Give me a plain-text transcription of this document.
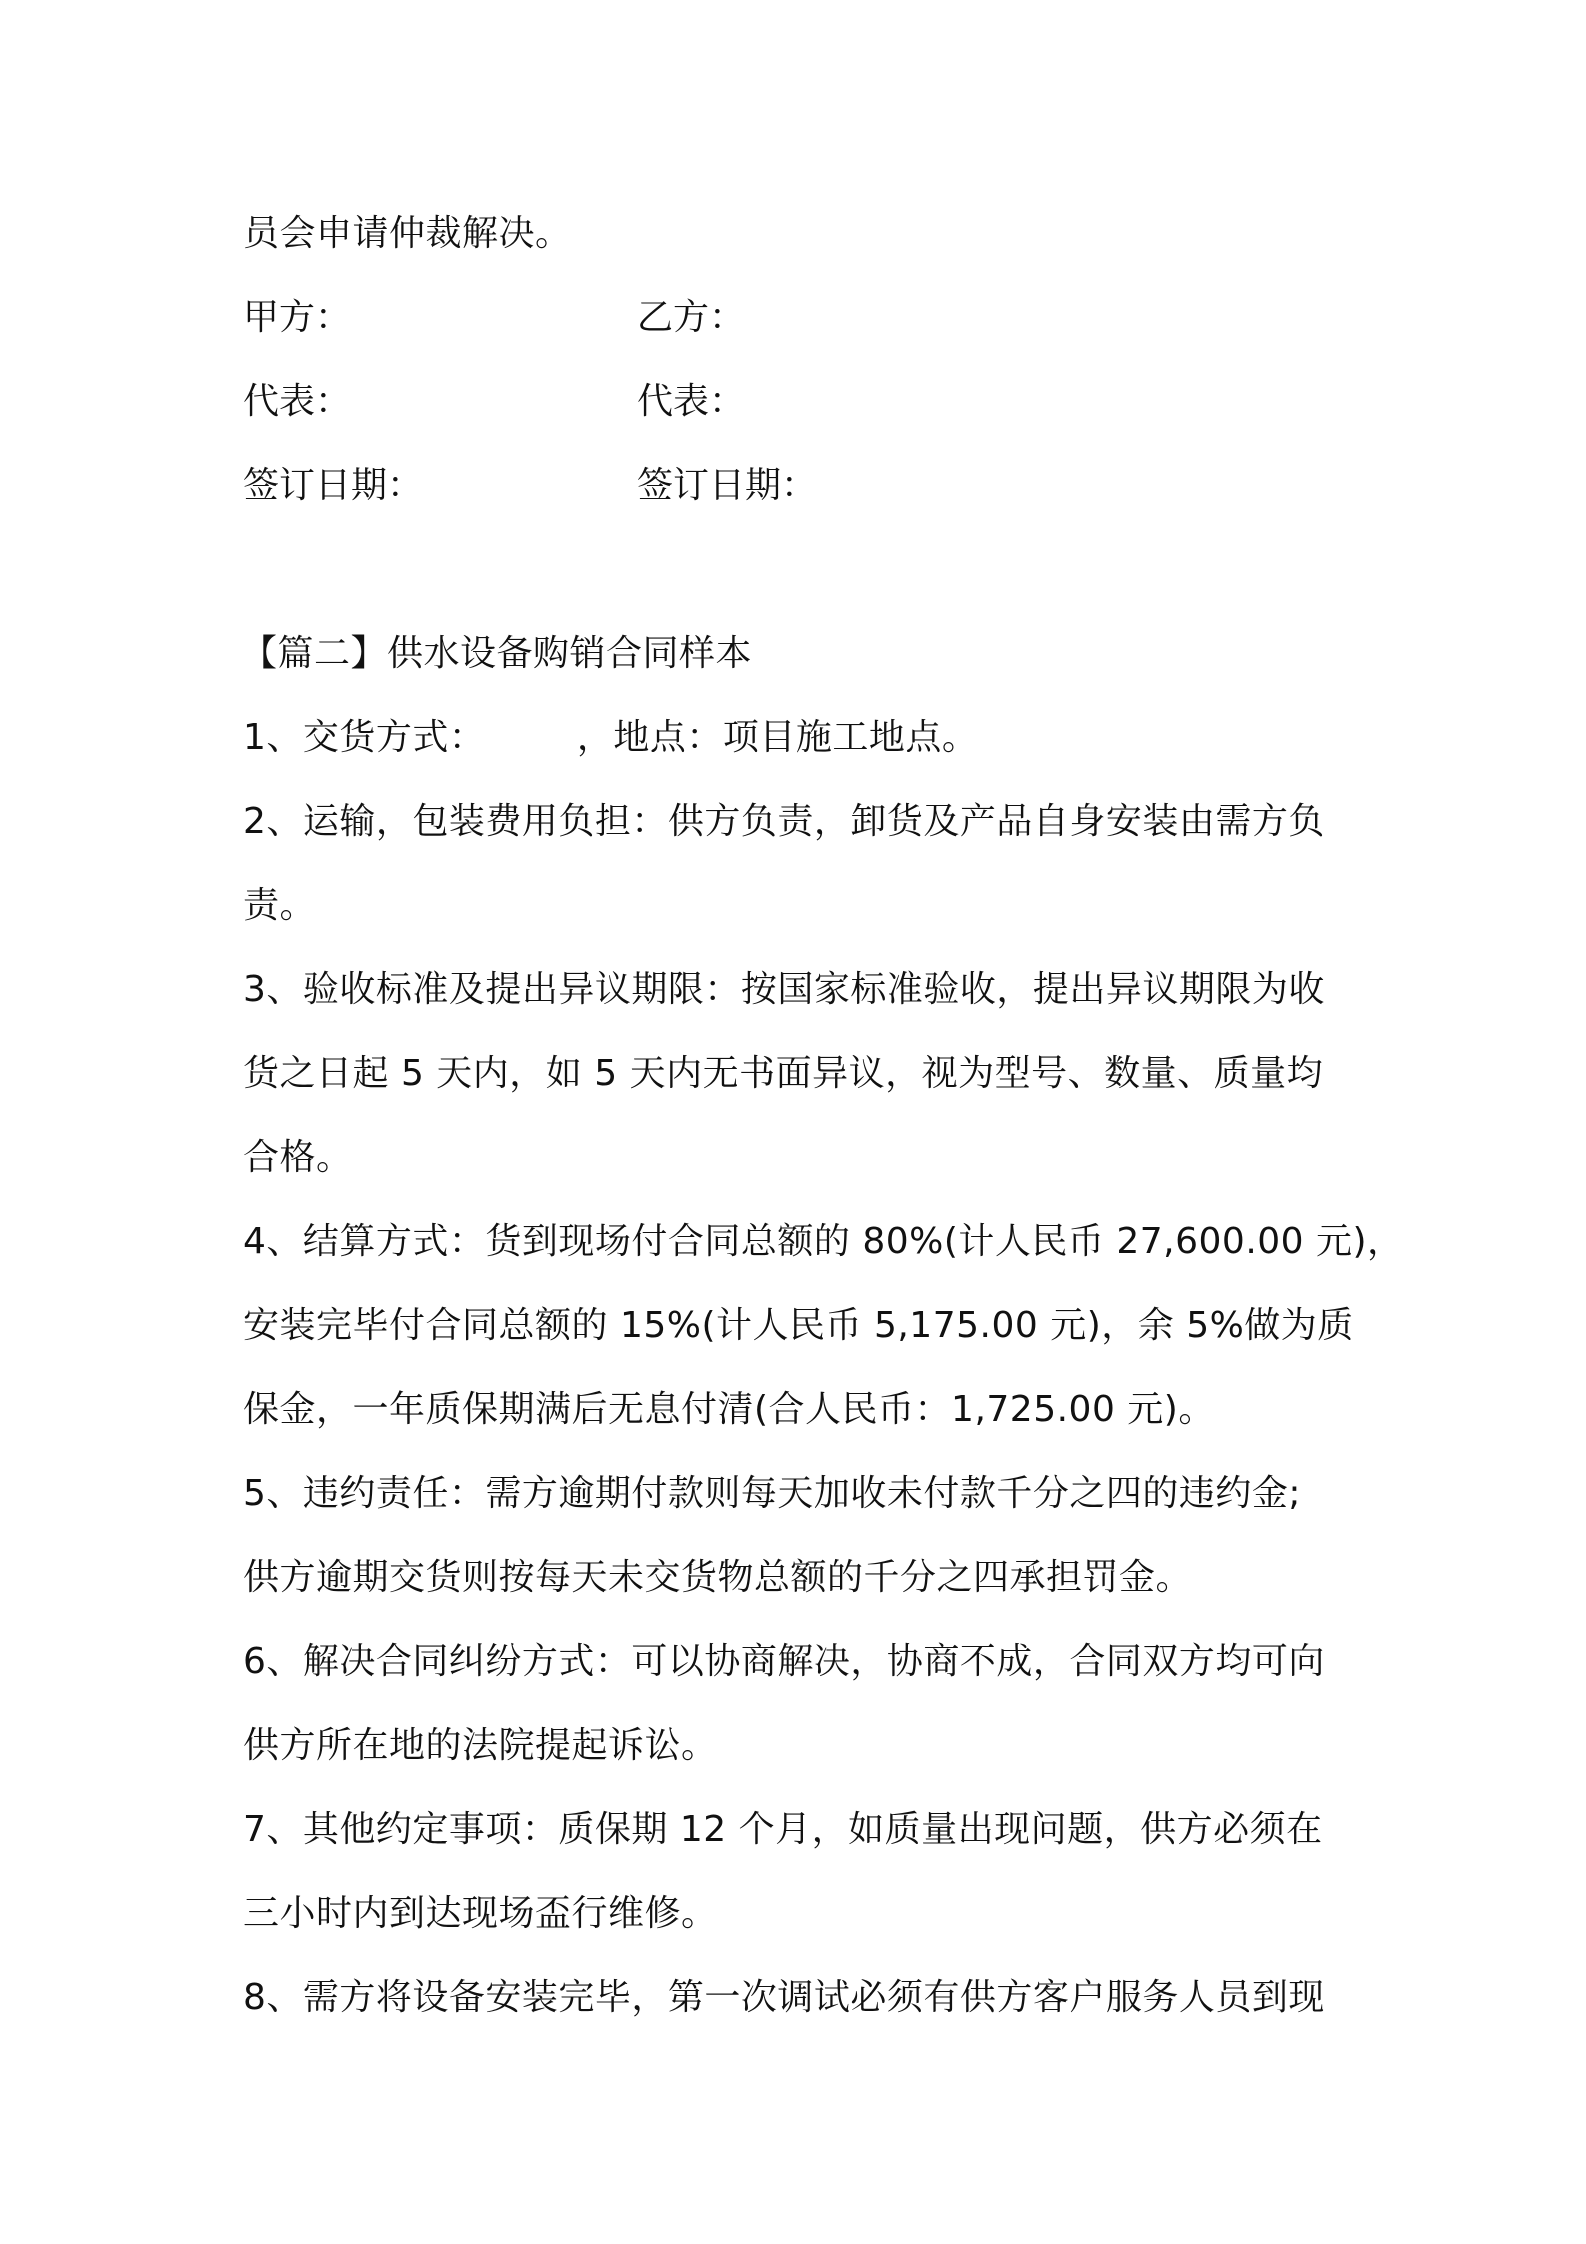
员会申请仲裁解决。
甲方：	乙方：
代表：	代表：
签订日期：	签订日期：
【篇二】供水设备购销合同样本
1、交货方式：　　　，地点：项目施工地点。
2、运输，包装费用负担：供方负责，卸货及产品自身安装由需方负
责。
3、验收标准及提出异议期限：按国家标准验收，提出异议期限为收
货之日起 5 天内，如 5 天内无书面异议，视为型号、数量、质量均
合格。
4、结算方式：货到现场付合同总额的 80%(计人民币 27,600.00 元)，
安装完毕付合同总额的 15%(计人民币 5,175.00 元)，余 5%做为质
保金，一年质保期满后无息付清(合人民币：1,725.00 元)。
5、违约责任：需方逾期付款则每天加收未付款千分之四的违约金;
供方逾期交货则按每天未交货物总额的千分之四承担罚金。
6、解决合同纠纷方式：可以协商解决，协商不成，合同双方均可向
供方所在地的法院提起诉讼。
7、其他约定事项：质保期 12 个月，如质量出现问题，供方必须在
三小时内到达现场盃行维修。
8、需方将设备安装完毕，第一次调试必须有供方客户服务人员到现
